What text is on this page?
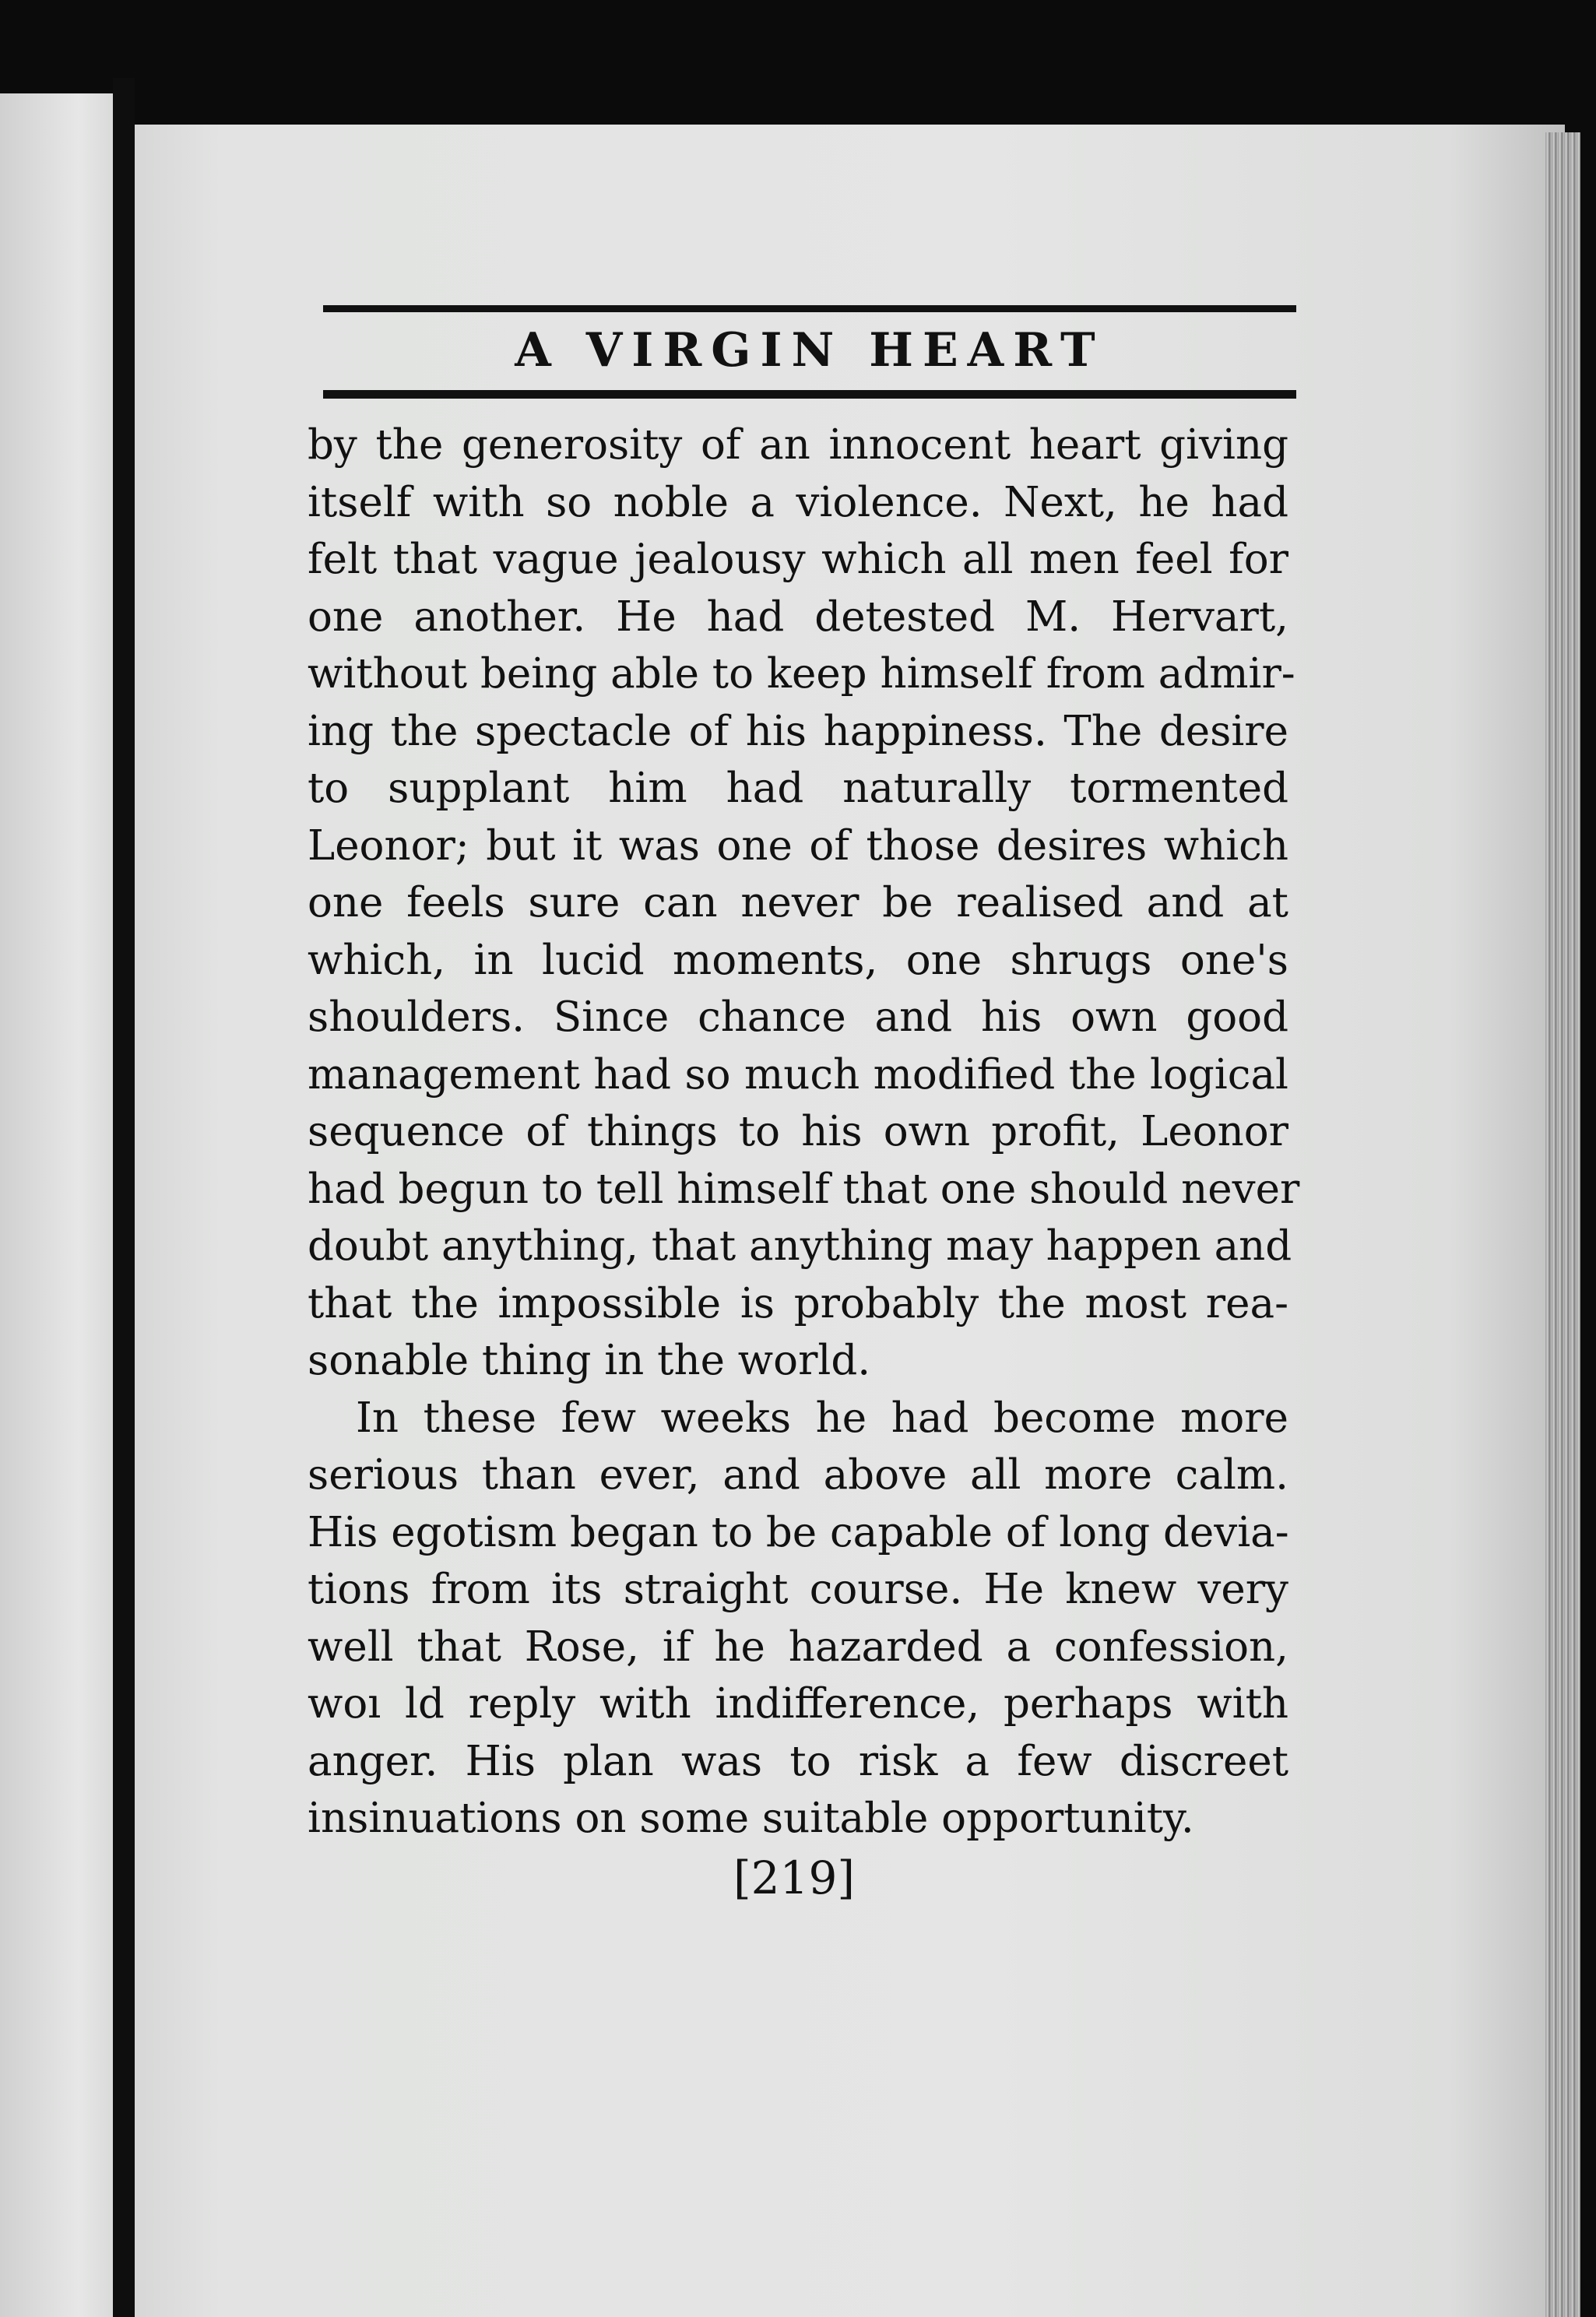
A VIRGIN HEART

by the generosity of an innocent heart giving
itself with so noble a violence. Next, he had
felt that vague jealousy which all men feel for
one another. He had detested M. Hervart,
without being able to keep himself from admir-
ing the spectacle of his happiness. The desire
to supplant him had naturally tormented
Leonor; but it was one of those desires which
one feels sure can never be realised and at
which, in lucid moments, one shrugs one's
shoulders. Since chance and his own good
management had so much modified the logical
sequence of things to his own profit, Leonor
had begun to tell himself that one should never
doubt anything, that anything may happen and
that the impossible is probably the most rea-
sonable thing in the world.

In these few weeks he had become more
serious than ever, and above all more calm.
His egotism began to be capable of long devia-
tions from its straight course. He knew very
well that Rose, if he hazarded a confession,
woı ld reply with indifference, perhaps with
anger. His plan was to risk a few discreet
insinuations on some suitable opportunity.

[219]
